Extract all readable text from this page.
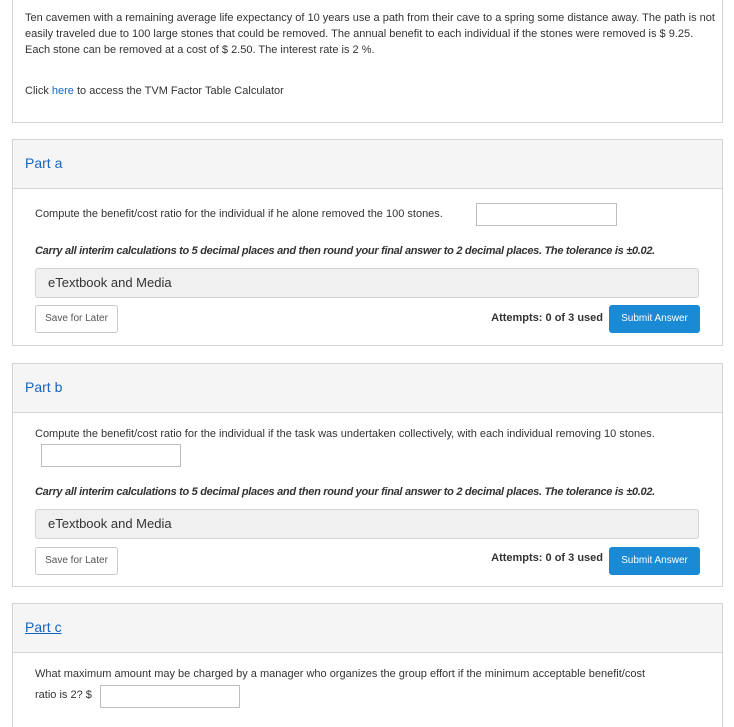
Ten cavemen with a remaining average life expectancy of 10 years use a path from their cave to a spring some distance away. The path is not easily traveled due to 100 large stones that could be removed. The annual benefit to each individual if the stones were removed is $ 9.25. Each stone can be removed at a cost of $ 2.50. The interest rate is 2 %.
Click here to access the TVM Factor Table Calculator
Part a
Compute the benefit/cost ratio for the individual if he alone removed the 100 stones.
Carry all interim calculations to 5 decimal places and then round your final answer to 2 decimal places. The tolerance is ±0.02.
eTextbook and Media
Save for Later	Attempts: 0 of 3 used	Submit Answer
Part b
Compute the benefit/cost ratio for the individual if the task was undertaken collectively, with each individual removing 10 stones.
Carry all interim calculations to 5 decimal places and then round your final answer to 2 decimal places. The tolerance is ±0.02.
eTextbook and Media
Save for Later	Attempts: 0 of 3 used	Submit Answer
Part c
What maximum amount may be charged by a manager who organizes the group effort if the minimum acceptable benefit/cost
ratio is 2? $
